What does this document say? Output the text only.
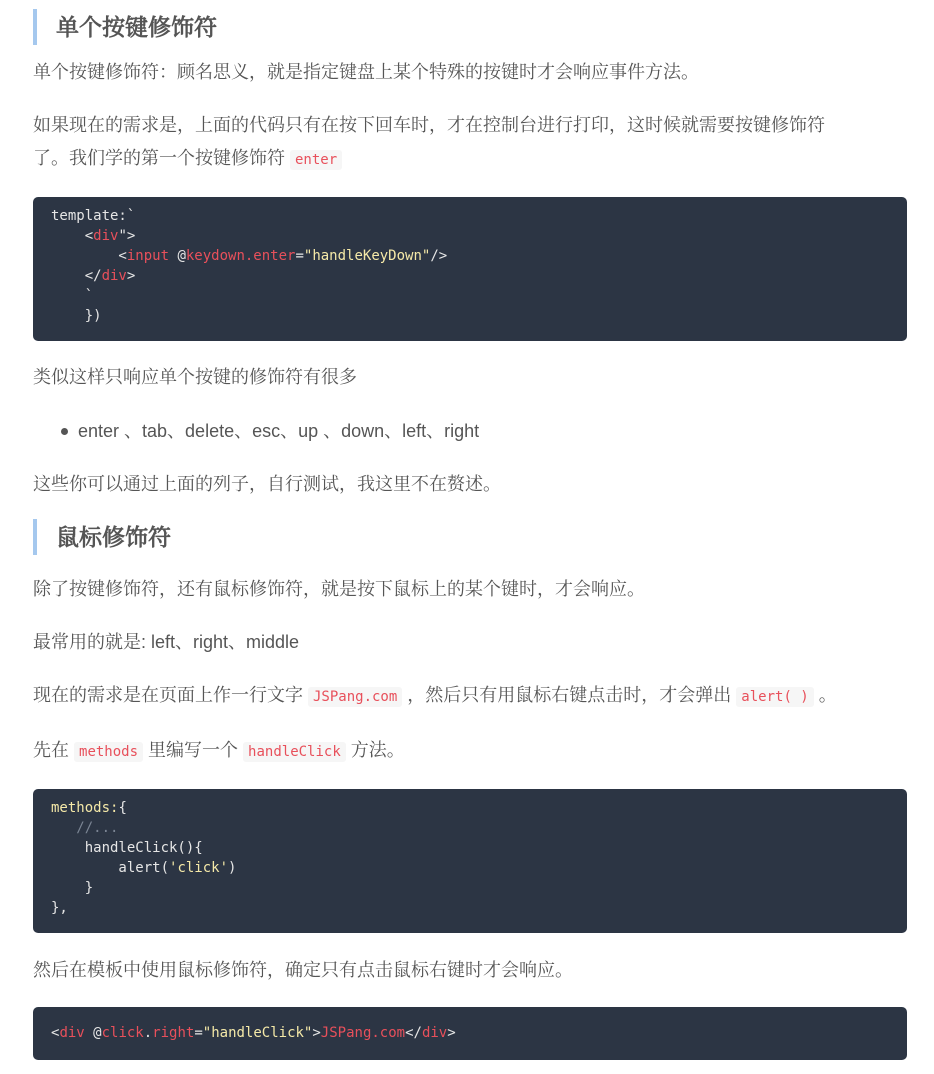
单个按键修饰符

单个按键修饰符：顾名思义，就是指定键盘上某个特殊的按键时才会响应事件方法。

如果现在的需求是，上面的代码只有在按下回车时，才在控制台进行打印，这时候就需要按键修饰符
了。我们学的第一个按键修饰符 enter

template:`
<div">
<input @keydown.enter="handleKeyDown"/>
</div>
`
})

类似这样只响应单个按键的修饰符有很多

enter 、tab、delete、esc、up 、down、left、right

这些你可以通过上面的列子，自行测试，我这里不在赘述。

鼠标修饰符

除了按键修饰符，还有鼠标修饰符，就是按下鼠标上的某个键时，才会响应。

最常用的就是: left、right、middle

现在的需求是在页面上作一行文字 JSPang.com ，然后只有用鼠标右键点击时，才会弹出 alert( ) 。

先在 methods 里编写一个 handleClick 方法。

methods:{
//...
handleClick(){
alert('click')
}
},

然后在模板中使用鼠标修饰符，确定只有点击鼠标右键时才会响应。

<div @click.right="handleClick">JSPang.com</div>
